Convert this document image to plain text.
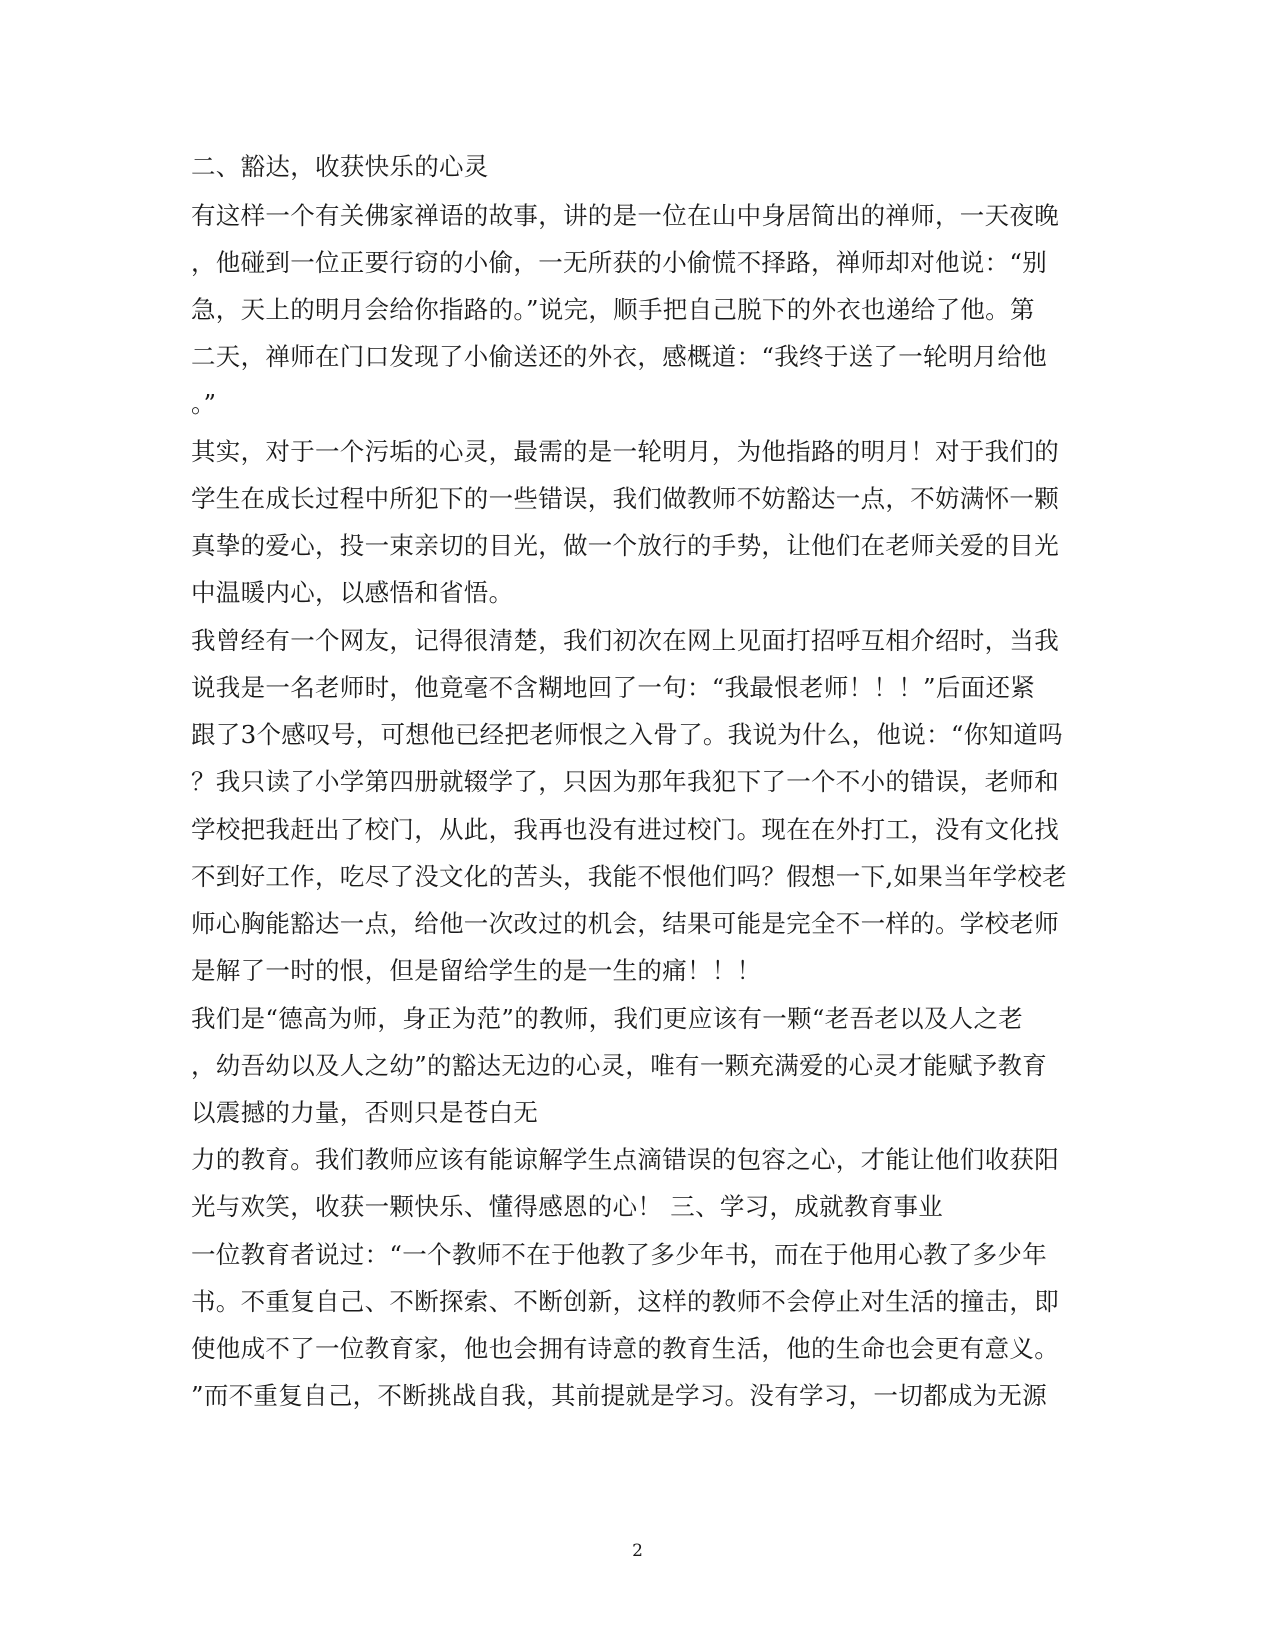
二、豁达，收获快乐的心灵
有这样一个有关佛家禅语的故事，讲的是一位在山中身居简出的禅师，一天夜晚
，他碰到一位正要行窃的小偷，一无所获的小偷慌不择路，禅师却对他说：“别
急，天上的明月会给你指路的。”说完，顺手把自己脱下的外衣也递给了他。第
二天，禅师在门口发现了小偷送还的外衣，感概道：“我终于送了一轮明月给他
。”
其实，对于一个污垢的心灵，最需的是一轮明月，为他指路的明月！对于我们的
学生在成长过程中所犯下的一些错误，我们做教师不妨豁达一点，不妨满怀一颗
真挚的爱心，投一束亲切的目光，做一个放行的手势，让他们在老师关爱的目光
中温暖内心，以感悟和省悟。
我曾经有一个网友，记得很清楚，我们初次在网上见面打招呼互相介绍时，当我
说我是一名老师时，他竟毫不含糊地回了一句：“我最恨老师！！！”后面还紧
跟了3个感叹号，可想他已经把老师恨之入骨了。我说为什么，他说：“你知道吗
？我只读了小学第四册就辍学了，只因为那年我犯下了一个不小的错误，老师和
学校把我赶出了校门，从此，我再也没有进过校门。现在在外打工，没有文化找
不到好工作，吃尽了没文化的苦头，我能不恨他们吗？假想一下,如果当年学校老
师心胸能豁达一点，给他一次改过的机会，结果可能是完全不一样的。学校老师
是解了一时的恨，但是留给学生的是一生的痛！！！
我们是“德高为师，身正为范”的教师，我们更应该有一颗“老吾老以及人之老
，幼吾幼以及人之幼”的豁达无边的心灵，唯有一颗充满爱的心灵才能赋予教育
以震撼的力量，否则只是苍白无
力的教育。我们教师应该有能谅解学生点滴错误的包容之心，才能让他们收获阳
光与欢笑，收获一颗快乐、懂得感恩的心！ 三、学习，成就教育事业
一位教育者说过：“一个教师不在于他教了多少年书，而在于他用心教了多少年
书。不重复自己、不断探索、不断创新，这样的教师不会停止对生活的撞击，即
使他成不了一位教育家，他也会拥有诗意的教育生活，他的生命也会更有意义。
”而不重复自己，不断挑战自我，其前提就是学习。没有学习，一切都成为无源
2
